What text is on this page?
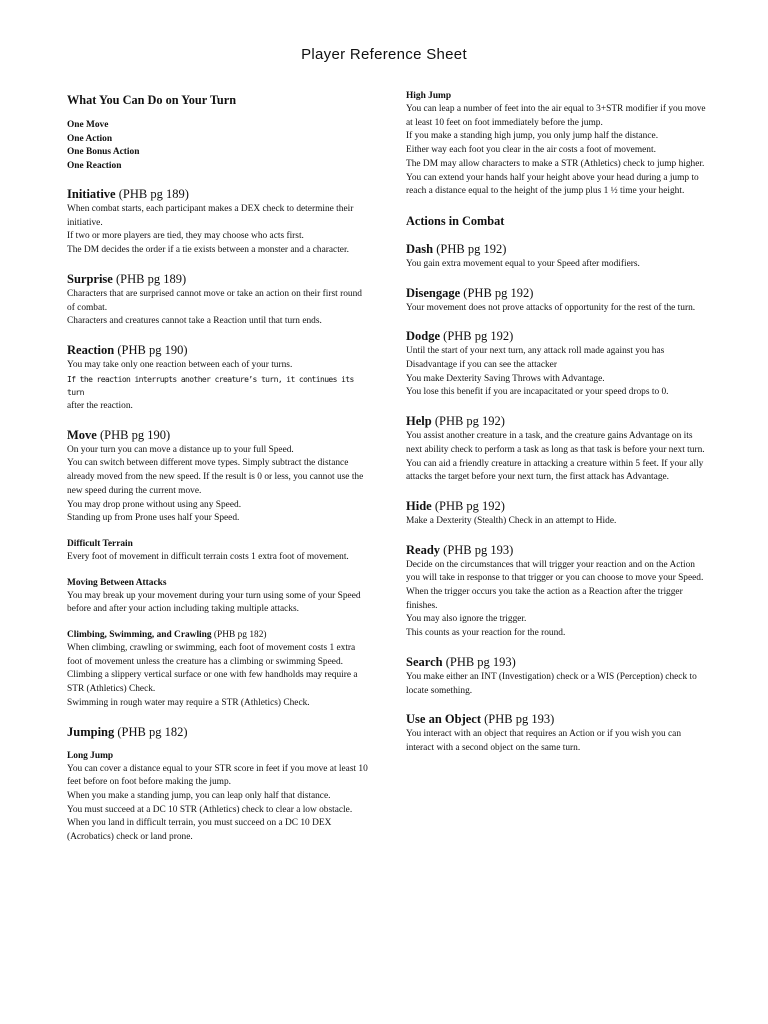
Player Reference Sheet

What You Can Do on Your Turn

One Move

One Action

One Bonus Action

One Reaction

Initiative (PHB pg 189)

When combat starts, each participant makes a DEX check to determine their initiative.

If two or more players are tied, they may choose who acts first.

The DM decides the order if a tie exists between a monster and a character.

Surprise (PHB pg 189)

Characters that are surprised cannot move or take an action on their first round of combat.

Characters and creatures cannot take a Reaction until that turn ends.

Reaction (PHB pg 190)

You may take only one reaction between each of your turns.

If the reaction interrupts another creature’s turn, it continues its turn

after the reaction.

Move (PHB pg 190)

On your turn you can move a distance up to your full Speed.

You can switch between different move types. Simply subtract the distance already moved from the new speed. If the result is 0 or less, you cannot use the new speed during the current move.

You may drop prone without using any Speed.

Standing up from Prone uses half your Speed.

Difficult Terrain

Every foot of movement in difficult terrain costs 1 extra foot of movement.

Moving Between Attacks

You may break up your movement during your turn using some of your Speed before and after your action including taking multiple attacks.

Climbing, Swimming, and Crawling (PHB pg 182)

When climbing, crawling or swimming, each foot of movement costs 1 extra foot of movement unless the creature has a climbing or swimming Speed.

Climbing a slippery vertical surface or one with few handholds may require a STR (Athletics) Check.

Swimming in rough water may require a STR (Athletics) Check.

Jumping (PHB pg 182)

Long Jump

You can cover a distance equal to your STR score in feet if you move at least 10 feet before on foot before making the jump.

When you make a standing jump, you can leap only half that distance.

You must succeed at a DC 10 STR (Athletics) check to clear a low obstacle.

When you land in difficult terrain, you must succeed on a DC 10 DEX (Acrobatics) check or land prone.

High Jump

You can leap a number of feet into the air equal to 3+STR modifier if you move at least 10 feet on foot immediately before the jump.

If you make a standing high jump, you only jump half the distance.

Either way each foot you clear in the air costs a foot of movement.

The DM may allow characters to make a STR (Athletics) check to jump higher.

You can extend your hands half your height above your head during a jump to reach a distance equal to the height of the jump plus 1 ½ time your height.

Actions in Combat

Dash (PHB pg 192)

You gain extra movement equal to your Speed after modifiers.

Disengage (PHB pg 192)

Your movement does not prove attacks of opportunity for the rest of the turn.

Dodge (PHB pg 192)

Until the start of your next turn, any attack roll made against you has Disadvantage if you can see the attacker

You make Dexterity Saving Throws with Advantage.

You lose this benefit if you are incapacitated or your speed drops to 0.

Help (PHB pg 192)

You assist another creature in a task, and the creature gains Advantage on its next ability check to perform a task as long as that task is before your next turn.

You can aid a friendly creature in attacking a creature within 5 feet. If your ally attacks the target before your next turn, the first attack has Advantage.

Hide (PHB pg 192)

Make a Dexterity (Stealth) Check in an attempt to Hide.

Ready (PHB pg 193)

Decide on the circumstances that will trigger your reaction and on the Action you will take in response to that trigger or you can choose to move your Speed.

When the trigger occurs you take the action as a Reaction after the trigger finishes.

You may also ignore the trigger.

This counts as your reaction for the round.

Search (PHB pg 193)

You make either an INT (Investigation) check or a WIS (Perception) check to locate something.

Use an Object (PHB pg 193)

You interact with an object that requires an Action or if you wish you can interact with a second object on the same turn.
